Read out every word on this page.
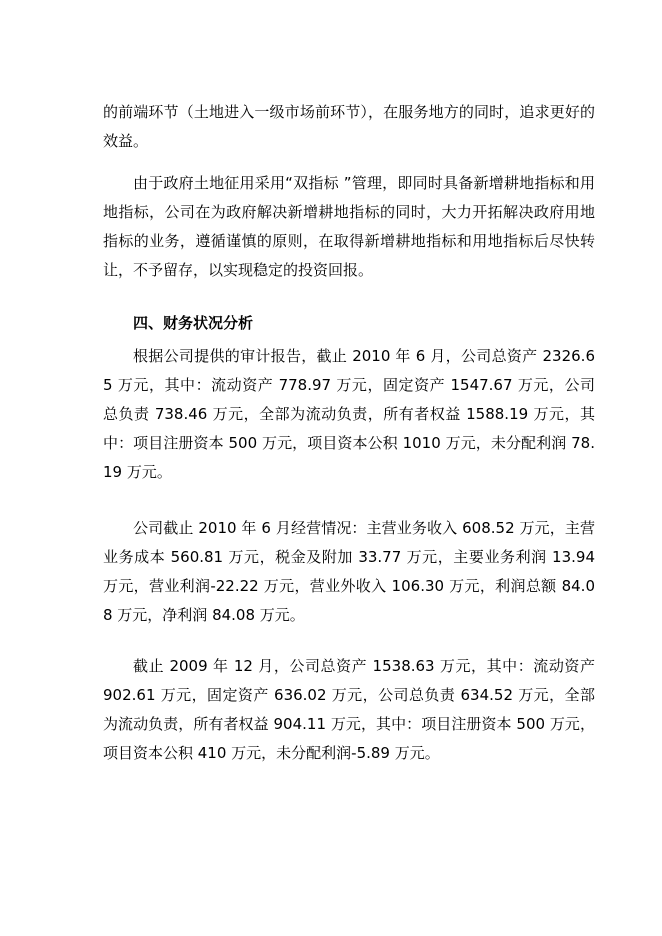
的前端环节（土地进入一级市场前环节），在服务地方的同时，追求更好的效益。

由于政府土地征用采用“双指标 ”管理，即同时具备新增耕地指标和用地指标，公司在为政府解决新增耕地指标的同时，大力开拓解决政府用地指标的业务，遵循谨慎的原则，在取得新增耕地指标和用地指标后尽快转让，不予留存，以实现稳定的投资回报。

四、财务状况分析

根据公司提供的审计报告，截止 2010 年 6 月，公司总资产 2326.65 万元，其中：流动资产 778.97 万元，固定资产 1547.67 万元，公司总负责 738.46 万元，全部为流动负责，所有者权益 1588.19 万元，其中：项目注册资本 500 万元，项目资本公积 1010 万元，未分配利润 78.19 万元。

公司截止 2010 年 6 月经营情况：主营业务收入 608.52 万元，主营业务成本 560.81 万元，税金及附加 33.77 万元，主要业务利润 13.94 万元，营业利润-22.22 万元，营业外收入 106.30 万元，利润总额 84.08 万元，净利润 84.08 万元。

截止 2009 年 12 月，公司总资产 1538.63 万元，其中：流动资产 902.61 万元，固定资产 636.02 万元，公司总负责 634.52 万元，全部为流动负责，所有者权益 904.11 万元，其中：项目注册资本 500 万元，项目资本公积 410 万元，未分配利润-5.89 万元。
